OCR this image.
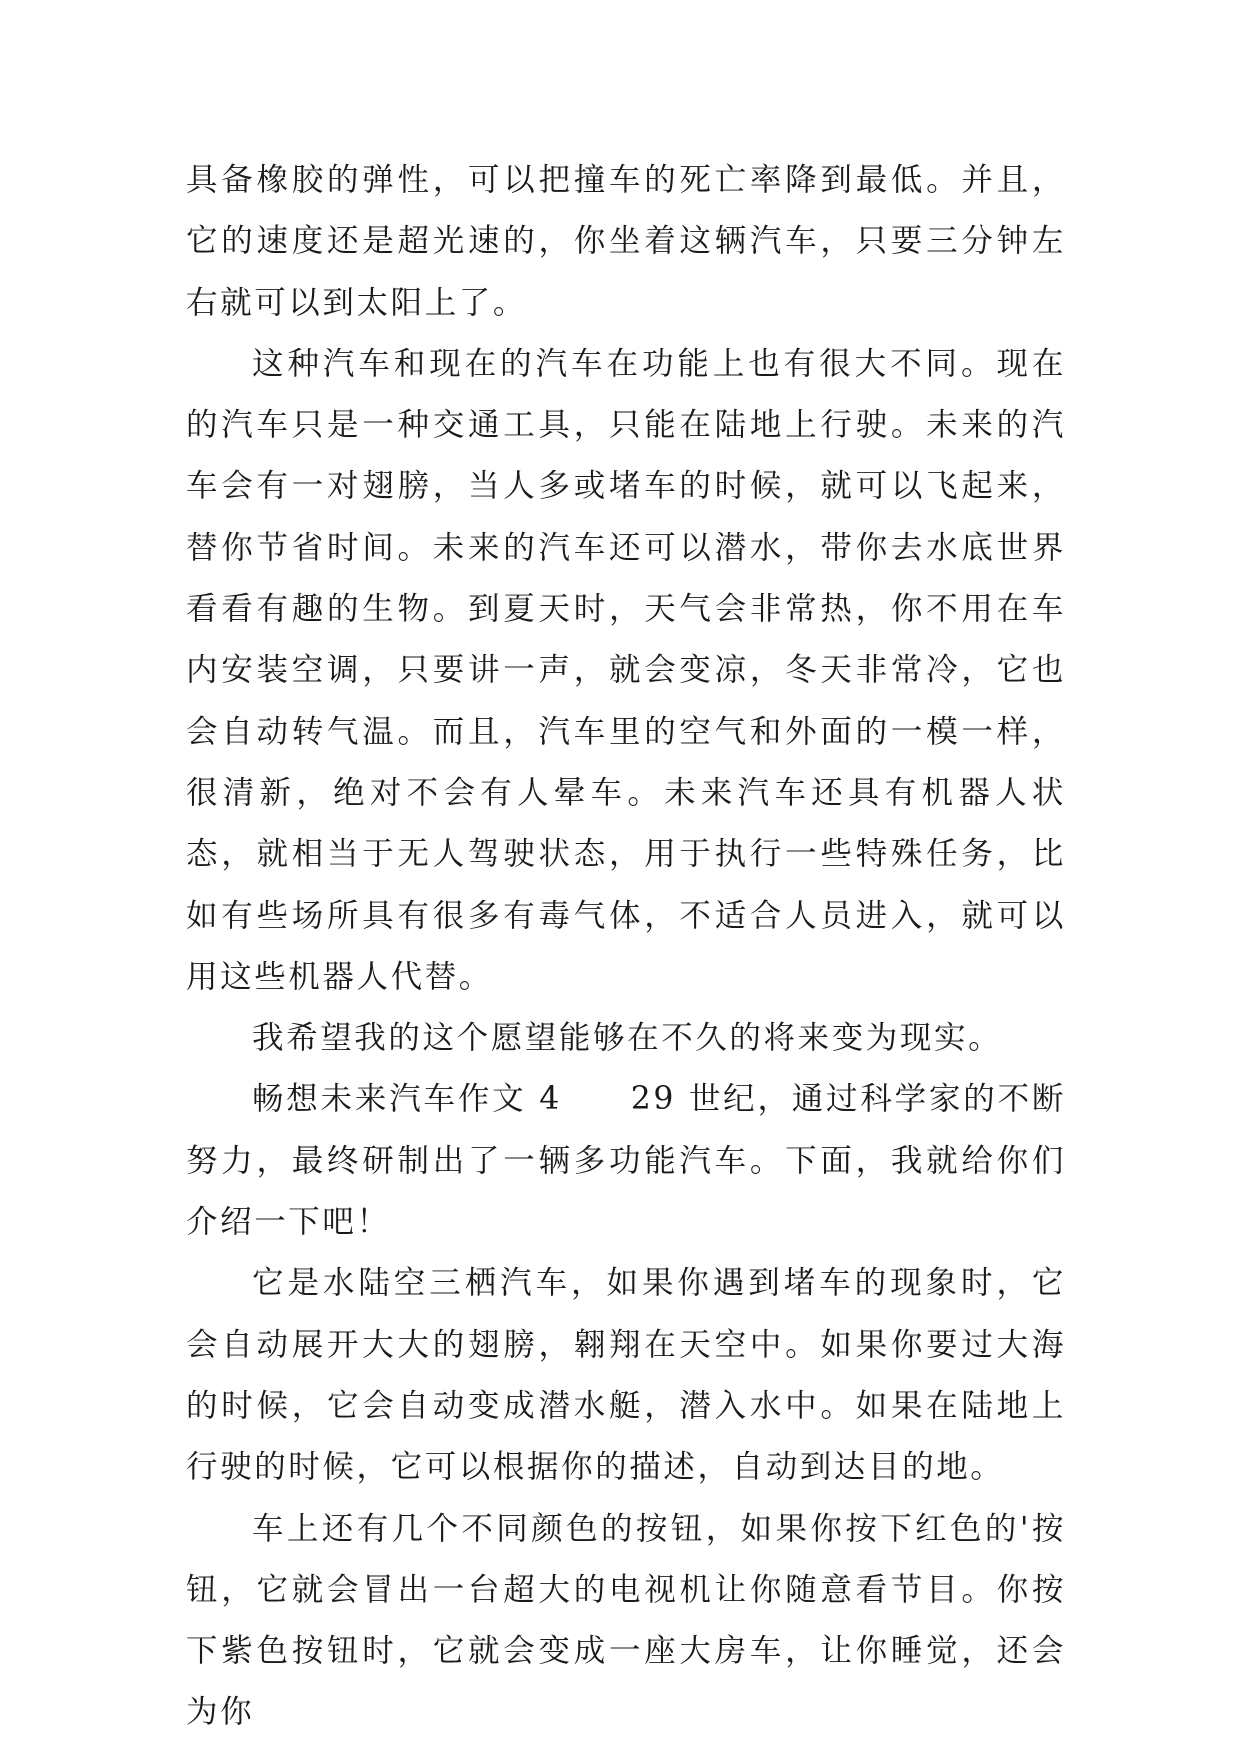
具备橡胶的弹性，可以把撞车的死亡率降到最低。并且，它的速度还是超光速的，你坐着这辆汽车，只要三分钟左右就可以到太阳上了。

这种汽车和现在的汽车在功能上也有很大不同。现在的汽车只是一种交通工具，只能在陆地上行驶。未来的汽车会有一对翅膀，当人多或堵车的时候，就可以飞起来，替你节省时间。未来的汽车还可以潜水，带你去水底世界看看有趣的生物。到夏天时，天气会非常热，你不用在车内安装空调，只要讲一声，就会变凉，冬天非常冷，它也会自动转气温。而且，汽车里的空气和外面的一模一样，很清新，绝对不会有人晕车。未来汽车还具有机器人状态，就相当于无人驾驶状态，用于执行一些特殊任务，比如有些场所具有很多有毒气体，不适合人员进入，就可以用这些机器人代替。

我希望我的这个愿望能够在不久的将来变为现实。

畅想未来汽车作文 4　　29 世纪，通过科学家的不断努力，最终研制出了一辆多功能汽车。下面，我就给你们介绍一下吧！

它是水陆空三栖汽车，如果你遇到堵车的现象时，它会自动展开大大的翅膀，翱翔在天空中。如果你要过大海的时候，它会自动变成潜水艇，潜入水中。如果在陆地上行驶的时候，它可以根据你的描述，自动到达目的地。

车上还有几个不同颜色的按钮，如果你按下红色的'按钮，它就会冒出一台超大的电视机让你随意看节目。你按下紫色按钮时，它就会变成一座大房车，让你睡觉，还会为你
